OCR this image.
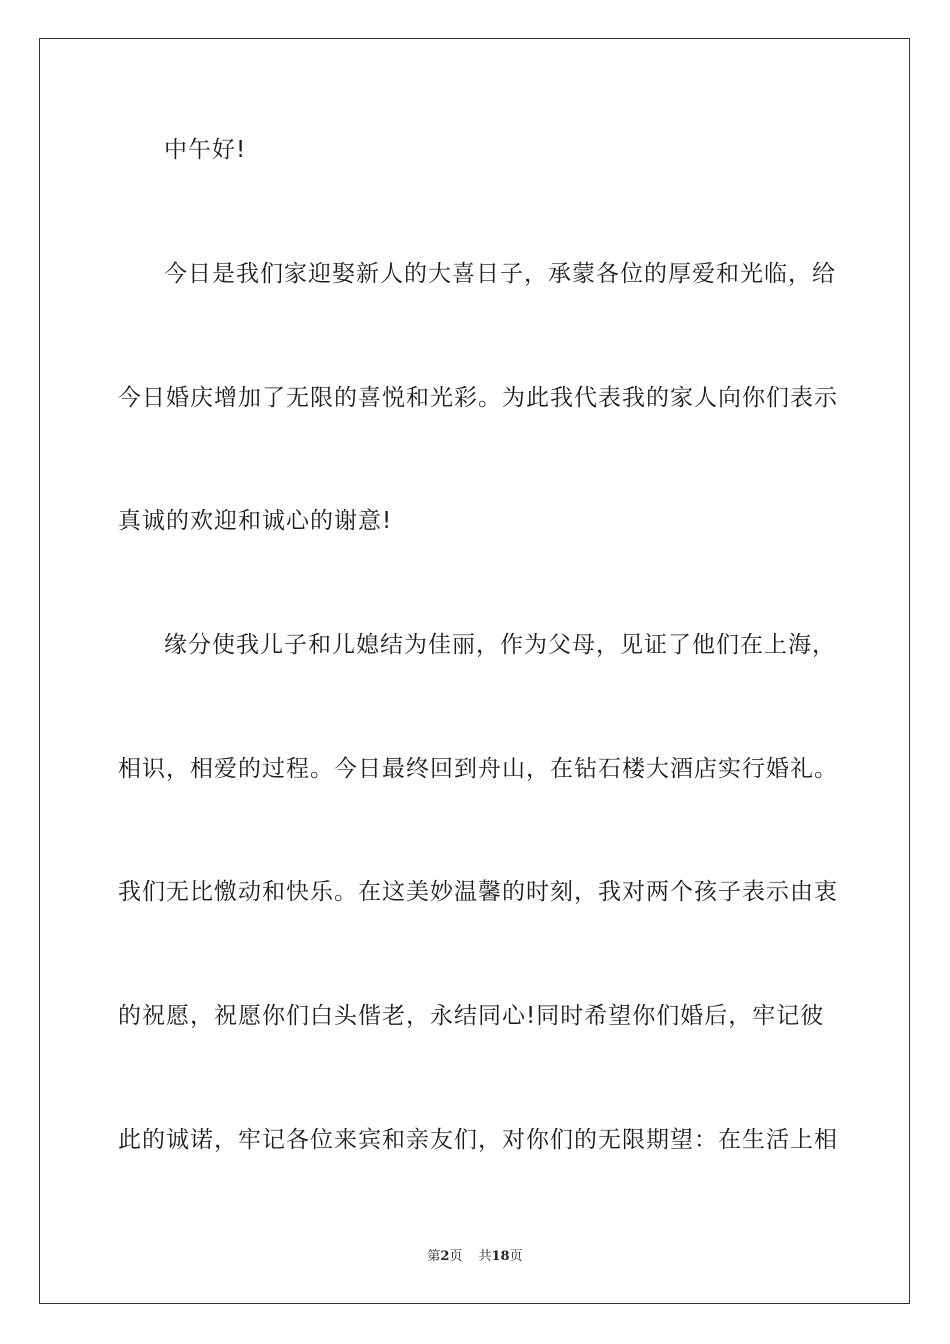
中午好!
今日是我们家迎娶新人的大喜日子，承蒙各位的厚爱和光临，给
今日婚庆增加了无限的喜悦和光彩。为此我代表我的家人向你们表示
真诚的欢迎和诚心的谢意!
缘分使我儿子和儿媳结为佳丽，作为父母，见证了他们在上海，
相识，相爱的过程。今日最终回到舟山，在钻石楼大酒店实行婚礼。
我们无比憿动和快乐。在这美妙温馨的时刻，我对两个孩子表示由衷
的祝愿，祝愿你们白头偕老，永结同心!同时希望你们婚后，牢记彼
此的诚诺，牢记各位来宾和亲友们，对你们的无限期望：在生活上相
第2页 共18页
